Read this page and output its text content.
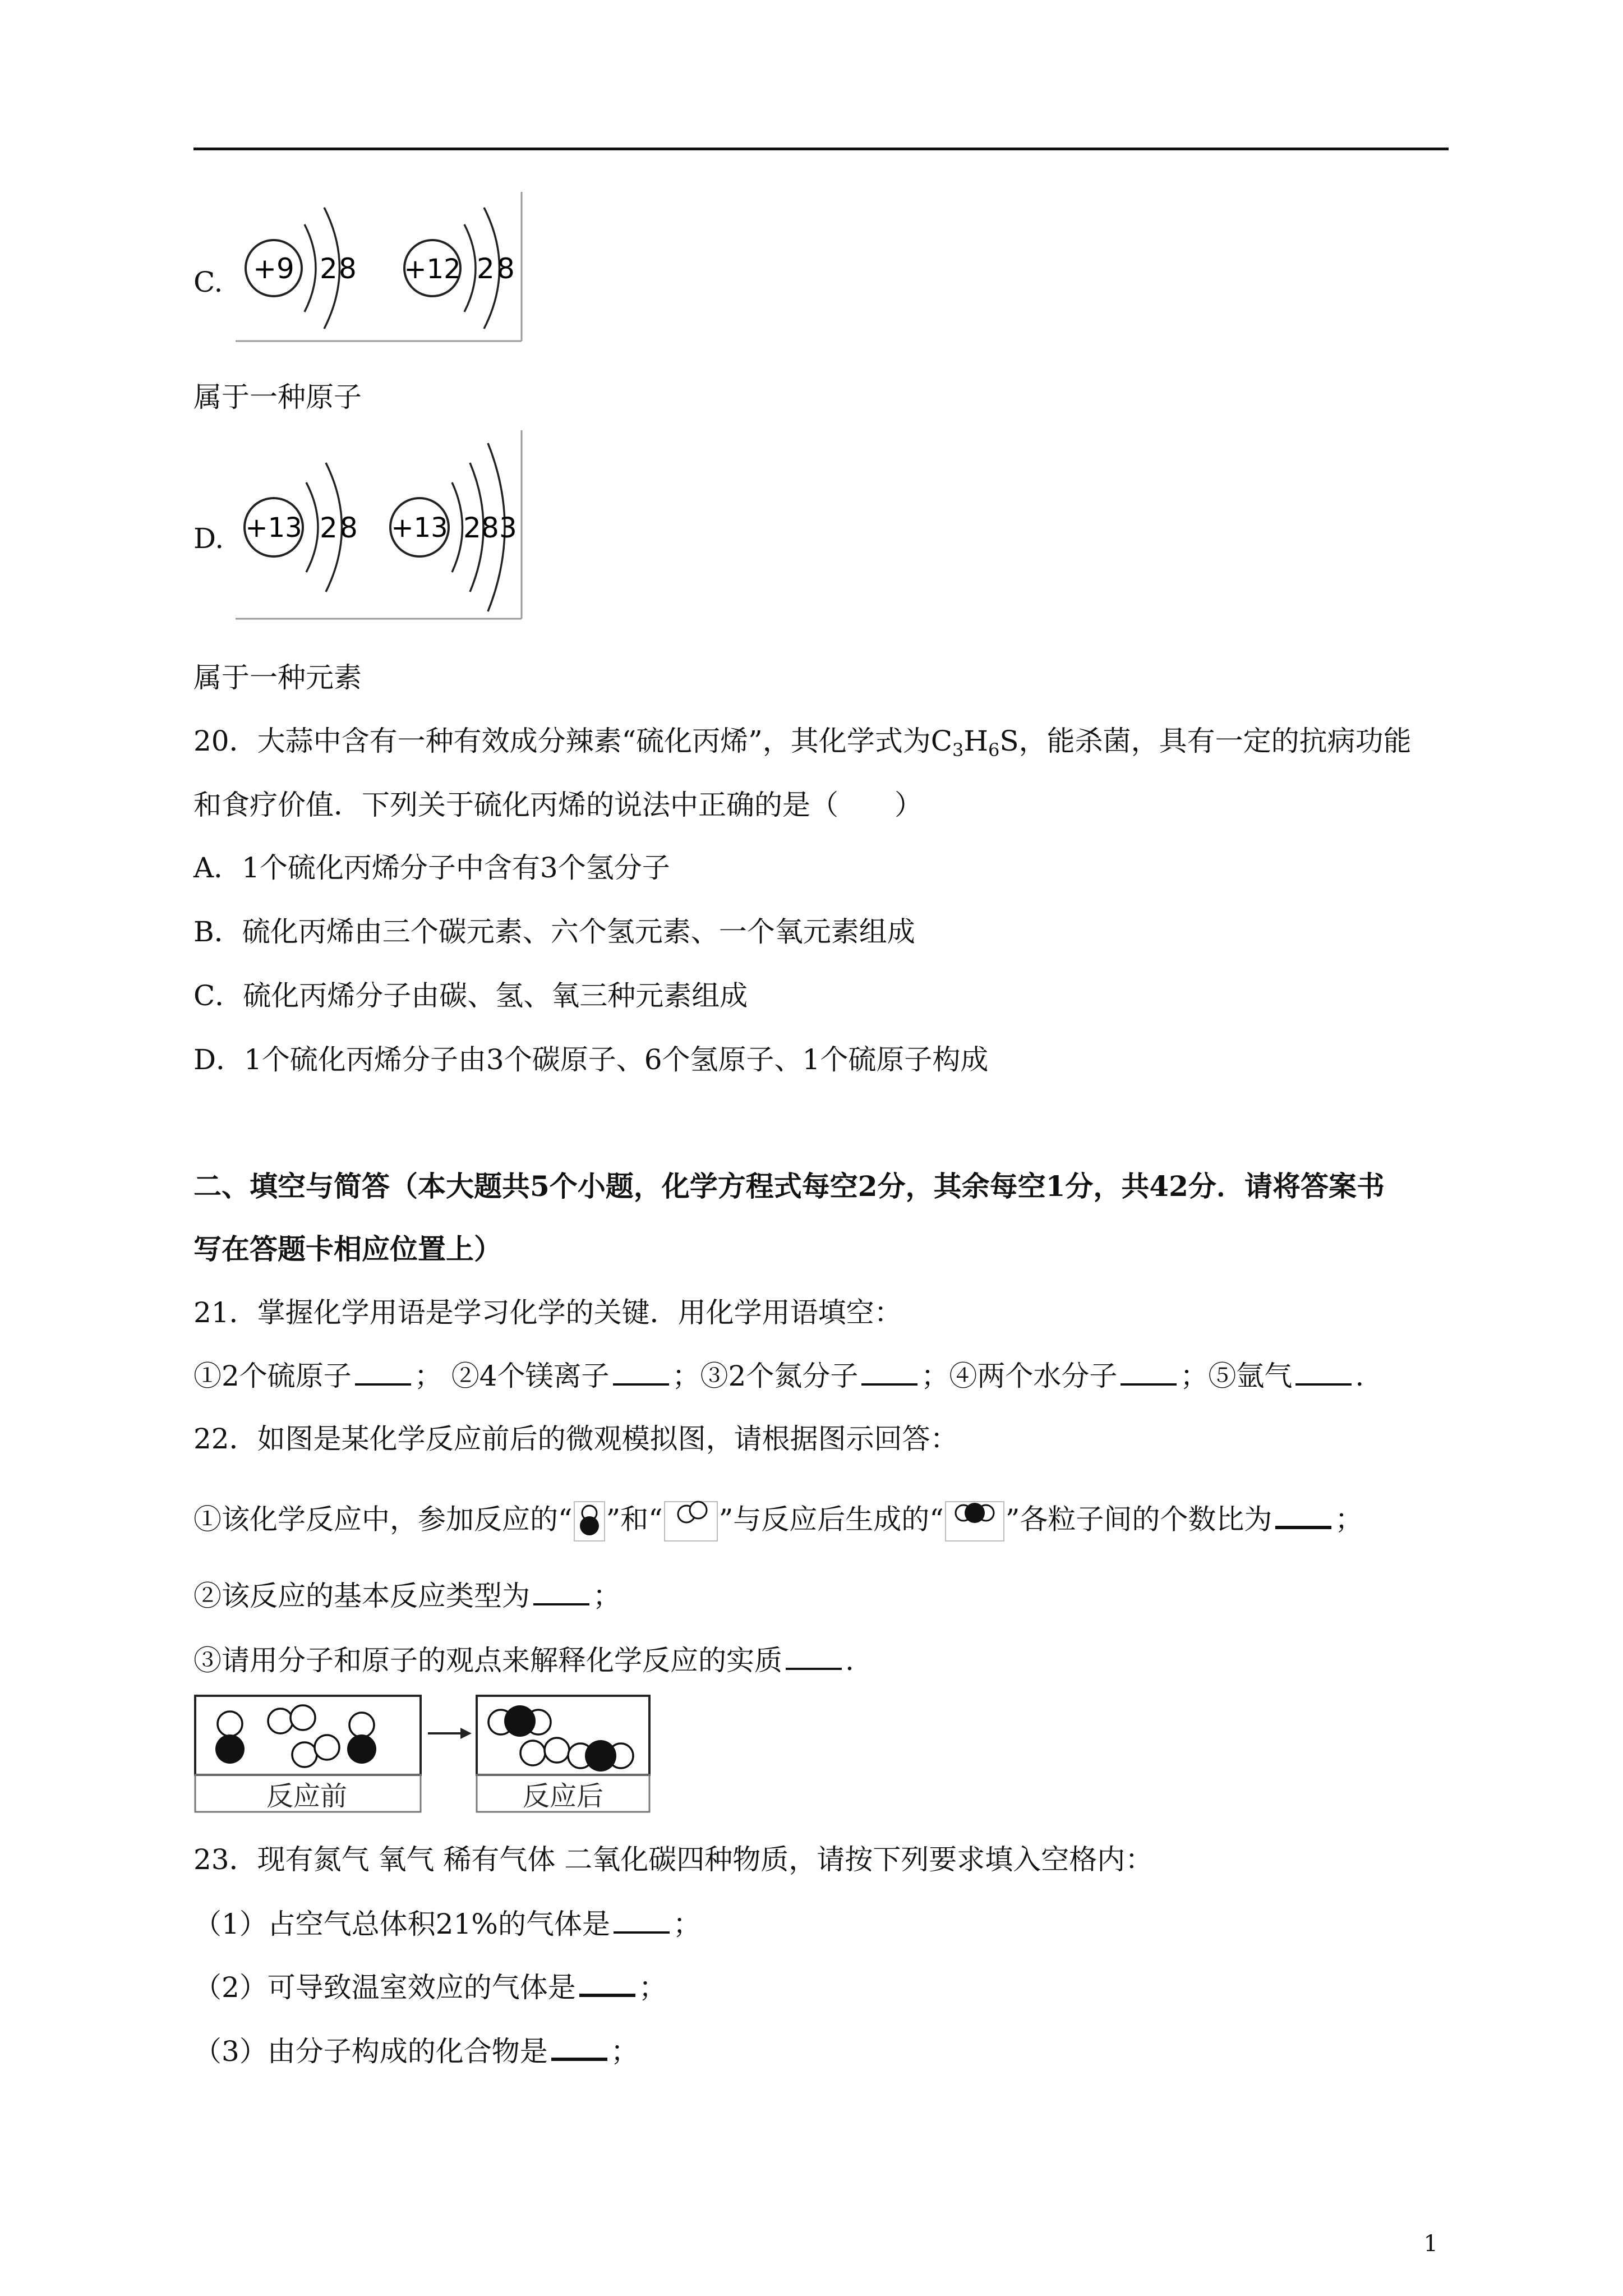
C. +9 2 8 +12 2 8
属于一种原子
D. +13 2 8 +13 2 8 3
属于一种元素
20．大蒜中含有一种有效成分辣素“硫化丙烯”，其化学式为$C_3H_6S$，能杀菌，具有一定的抗病功能
和食疗价值．下列关于硫化丙烯的说法中正确的是（　　）
A．1个硫化丙烯分子中含有3个氢分子
B．硫化丙烯由三个碳元素、六个氢元素、一个氧元素组成
C．硫化丙烯分子由碳、氢、氧三种元素组成
D．1个硫化丙烯分子由3个碳原子、6个氢原子、1个硫原子构成
二、填空与简答（本大题共5个小题，化学方程式每空2分，其余每空1分，共42分．请将答案书
写在答题卡相应位置上）
21．掌握化学用语是学习化学的关键．用化学用语填空：
①2个硫原子 ； ②4个镁离子 ；③2个氮分子 ；④两个水分子 ；⑤氩气 .
22．如图是某化学反应前后的微观模拟图，请根据图示回答：
①该化学反应中，参加反应的“ ”和“ ”与反应后生成的“ ”各粒子间的个数比为 ；
②该反应的基本反应类型为 ；
③请用分子和原子的观点来解释化学反应的实质 .
反应前	反应后
23．现有氮气 氧气 稀有气体 二氧化碳四种物质，请按下列要求填入空格内：
（1）占空气总体积21%的气体是 ；
（2）可导致温室效应的气体是 ；
（3）由分子构成的化合物是 ；
1
